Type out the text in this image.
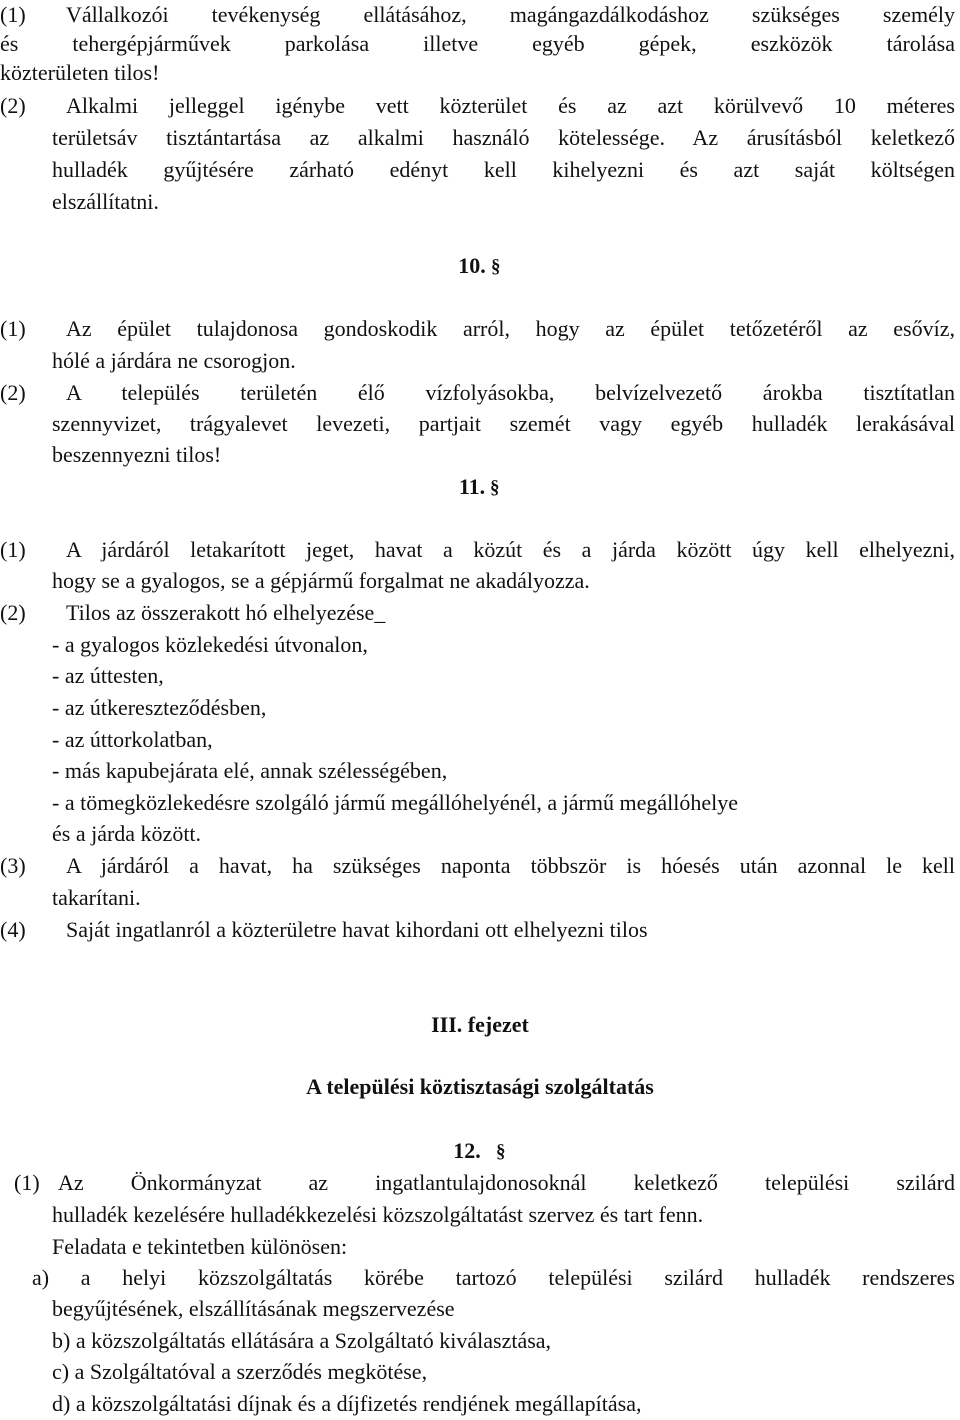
(1) Vállalkozói tevékenység ellátásához, magángazdálkodáshoz szükséges személy
és tehergépjárművek parkolása illetve egyéb gépek, eszközök tárolása
közterületen tilos!
(2) Alkalmi jelleggel igénybe vett közterület és az azt körülvevő 10 méteres
területsáv tisztántartása az alkalmi használó kötelessége. Az árusításból keletkező
hulladék gyűjtésére zárható edényt kell kihelyezni és azt saját költségen
elszállítatni.
10. §
(1) Az épület tulajdonosa gondoskodik arról, hogy az épület tetőzetéről az esővíz,
hólé a járdára ne csorogjon.
(2) A település területén élő vízfolyásokba, belvízelvezető árokba tisztítatlan
szennyvizet, trágyalevet levezeti, partjait szemét vagy egyéb hulladék lerakásával
beszennyezni tilos!
11. §
(1) A járdáról letakarított jeget, havat a közút és a járda között úgy kell elhelyezni,
hogy se a gyalogos, se a gépjármű forgalmat ne akadályozza.
(2) Tilos az összerakott hó elhelyezése_
- a gyalogos közlekedési útvonalon,
- az úttesten,
- az útkereszteződésben,
- az úttorkolatban,
- más kapubejárata elé, annak szélességében,
- a tömegközlekedésre szolgáló jármű megállóhelyénél, a jármű megállóhelye
és a járda között.
(3) A járdáról a havat, ha szükséges naponta többször is hóesés után azonnal le kell
takarítani.
(4) Saját ingatlanról a közterületre havat kihordani ott elhelyezni tilos
III. fejezet
A települési köztisztasági szolgáltatás
12. §
(1) Az Önkormányzat az ingatlantulajdonosoknál keletkező települési szilárd
hulladék kezelésére hulladékkezelési közszolgáltatást szervez és tart fenn.
Feladata e tekintetben különösen:
a) a helyi közszolgáltatás körébe tartozó települési szilárd hulladék rendszeres
begyűjtésének, elszállításának megszervezése
b) a közszolgáltatás ellátására a Szolgáltató kiválasztása,
c) a Szolgáltatóval a szerződés megkötése,
d) a közszolgáltatási díjnak és a díjfizetés rendjének megállapítása,
